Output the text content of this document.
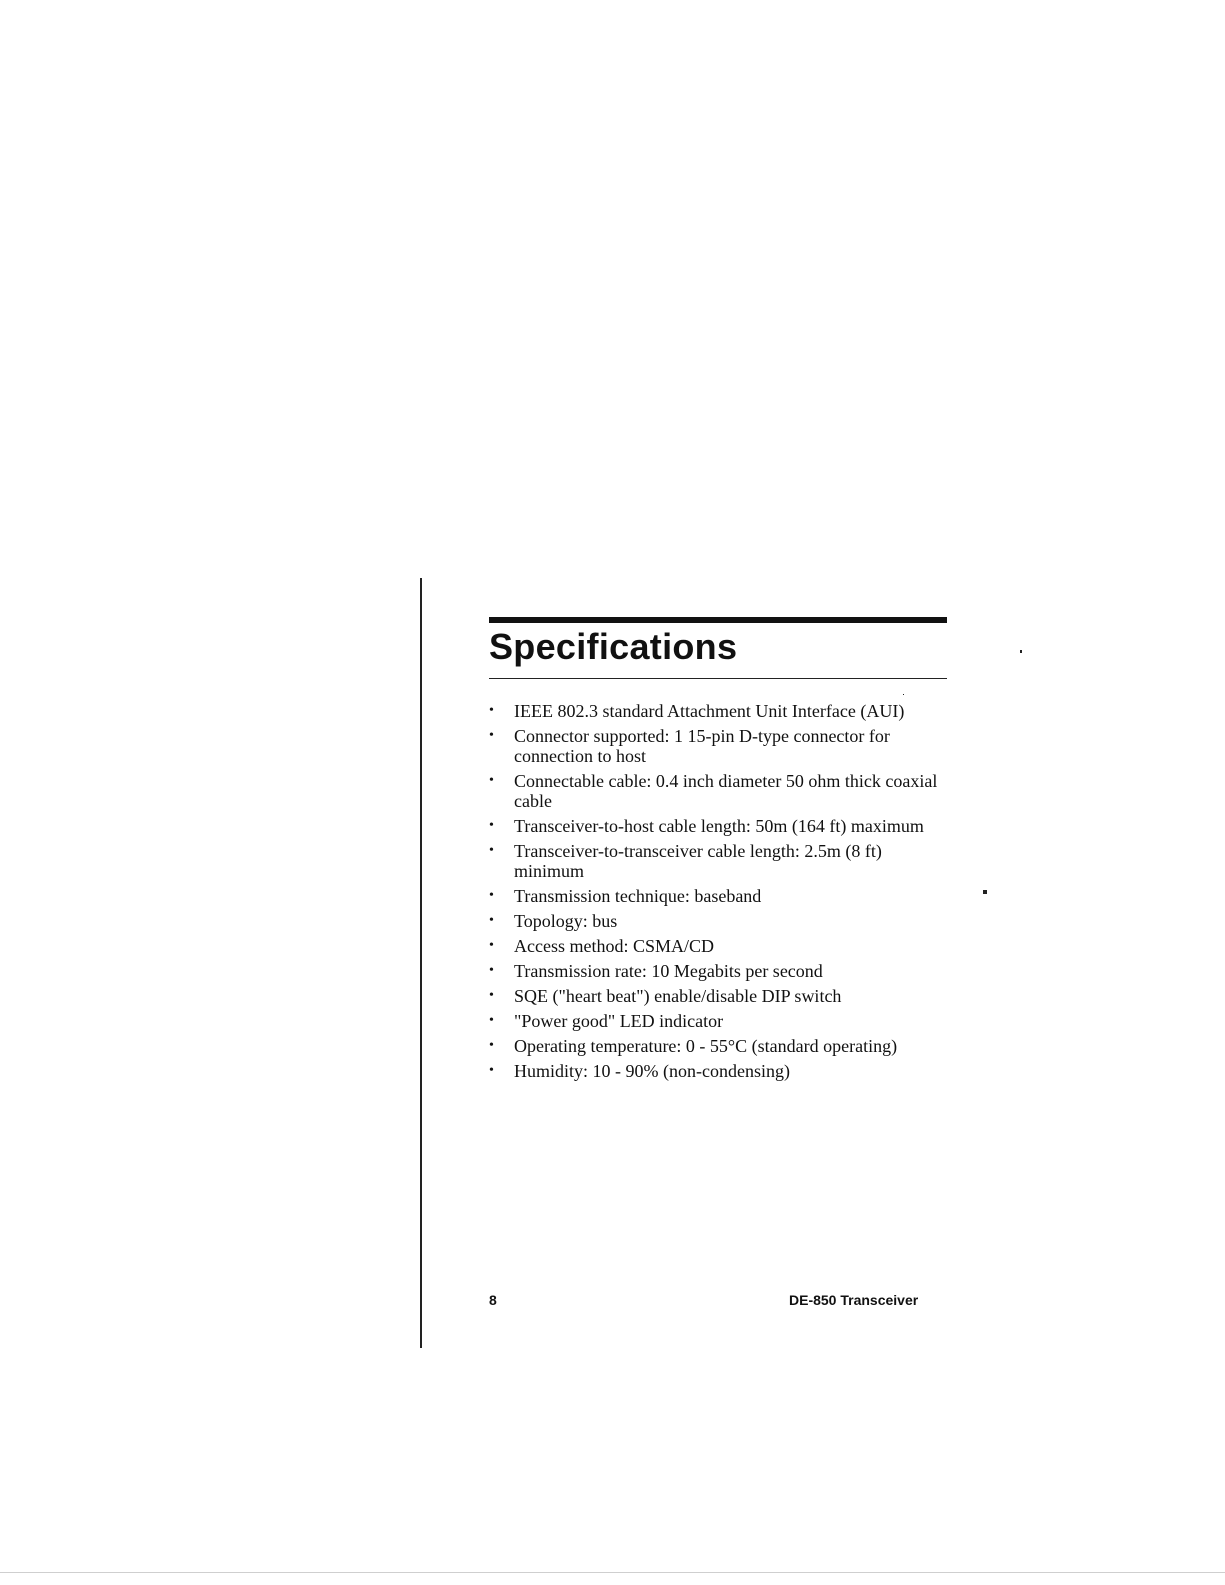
Specifications
•	IEEE 802.3 standard Attachment Unit Interface (AUI)
•	Connector supported: 1 15-pin D-type connector for connection to host
•	Connectable cable: 0.4 inch diameter 50 ohm thick coaxial cable
•	Transceiver-to-host cable length: 50m (164 ft) maximum
•	Transceiver-to-transceiver cable length: 2.5m (8 ft) minimum
•	Transmission technique: baseband
•	Topology: bus
•	Access method: CSMA/CD
•	Transmission rate: 10 Megabits per second
•	SQE ("heart beat") enable/disable DIP switch
•	"Power good" LED indicator
•	Operating temperature: 0 - 55°C (standard operating)
•	Humidity: 10 - 90% (non-condensing)
8	DE-850 Transceiver
